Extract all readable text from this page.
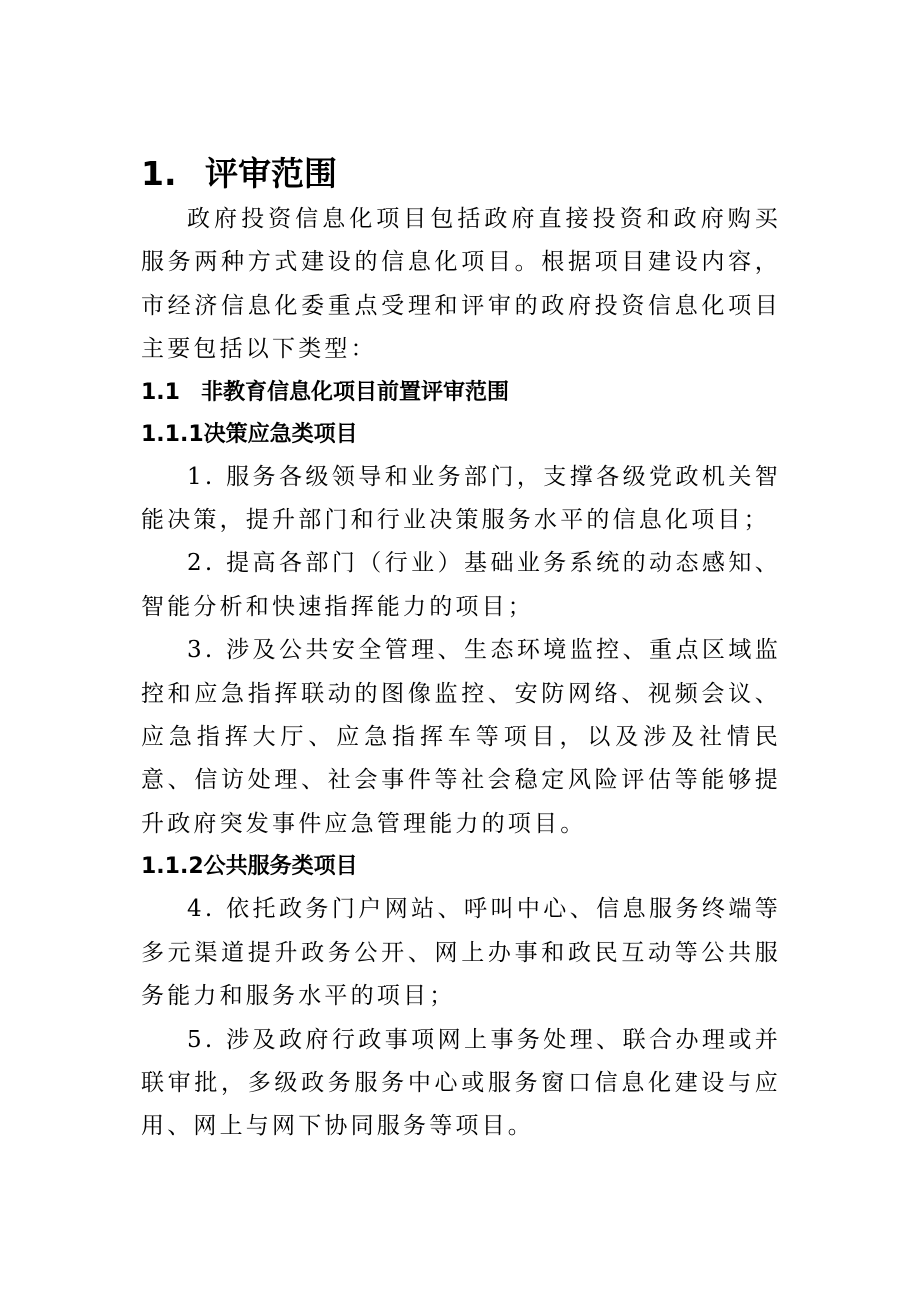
1. 评审范围

政府投资信息化项目包括政府直接投资和政府购买服务两种方式建设的信息化项目。根据项目建设内容，市经济信息化委重点受理和评审的政府投资信息化项目主要包括以下类型：

1.1 非教育信息化项目前置评审范围
1.1.1决策应急类项目

1. 服务各级领导和业务部门，支撑各级党政机关智能决策，提升部门和行业决策服务水平的信息化项目；

2. 提高各部门（行业）基础业务系统的动态感知、智能分析和快速指挥能力的项目；

3. 涉及公共安全管理、生态环境监控、重点区域监控和应急指挥联动的图像监控、安防网络、视频会议、应急指挥大厅、应急指挥车等项目，以及涉及社情民意、信访处理、社会事件等社会稳定风险评估等能够提升政府突发事件应急管理能力的项目。

1.1.2公共服务类项目

4. 依托政务门户网站、呼叫中心、信息服务终端等多元渠道提升政务公开、网上办事和政民互动等公共服务能力和服务水平的项目；

5. 涉及政府行政事项网上事务处理、联合办理或并联审批，多级政务服务中心或服务窗口信息化建设与应用、网上与网下协同服务等项目。
